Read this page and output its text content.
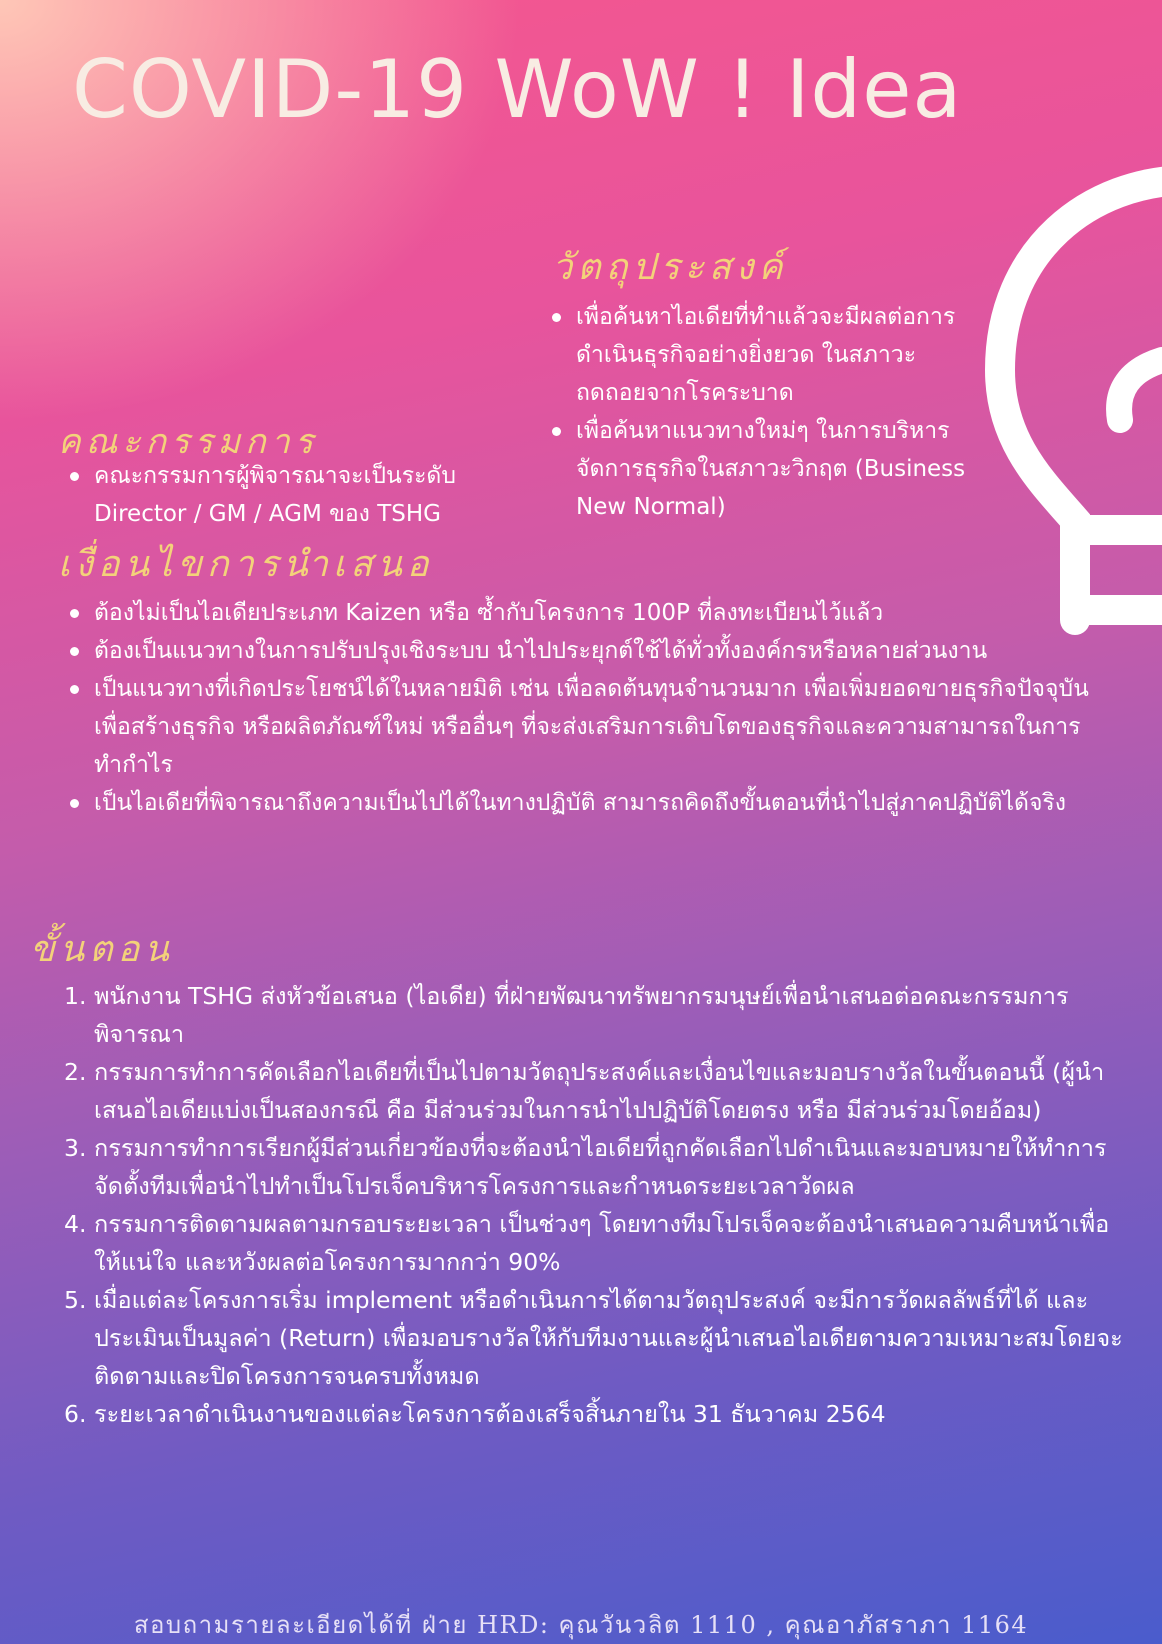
COVID-19 WoW ! Idea
วัตถุประสงค์
เพื่อค้นหาไอเดียที่ทำแล้วจะมีผลต่อการดำเนินธุรกิจอย่างยิ่งยวด ในสภาวะถดถอยจากโรคระบาด
เพื่อค้นหาแนวทางใหม่ๆ ในการบริหารจัดการธุรกิจในสภาวะวิกฤต (Business New Normal)
คณะกรรมการ
คณะกรรมการผู้พิจารณาจะเป็นระดับ Director / GM / AGM ของ TSHG
เงื่อนไขการนำเสนอ
ต้องไม่เป็นไอเดียประเภท Kaizen หรือ ซ้ำกับโครงการ 100P ที่ลงทะเบียนไว้แล้ว
ต้องเป็นแนวทางในการปรับปรุงเชิงระบบ นำไปประยุกต์ใช้ได้ทั่วทั้งองค์กรหรือหลายส่วนงาน
เป็นแนวทางที่เกิดประโยชน์ได้ในหลายมิติ เช่น เพื่อลดต้นทุนจำนวนมาก เพื่อเพิ่มยอดขายธุรกิจปัจจุบันเพื่อสร้างธุรกิจ หรือผลิตภัณฑ์ใหม่ หรืออื่นๆ ที่จะส่งเสริมการเติบโตของธุรกิจและความสามารถในการทำกำไร
เป็นไอเดียที่พิจารณาถึงความเป็นไปได้ในทางปฏิบัติ สามารถคิดถึงขั้นตอนที่นำไปสู่ภาคปฏิบัติได้จริง
ขั้นตอน
1. พนักงาน TSHG ส่งหัวข้อเสนอ (ไอเดีย) ที่ฝ่ายพัฒนาทรัพยากรมนุษย์เพื่อนำเสนอต่อคณะกรรมการพิจารณา
2. กรรมการทำการคัดเลือกไอเดียที่เป็นไปตามวัตถุประสงค์และเงื่อนไขและมอบรางวัลในขั้นตอนนี้ (ผู้นำเสนอไอเดียแบ่งเป็นสองกรณี คือ มีส่วนร่วมในการนำไปปฏิบัติโดยตรง หรือ มีส่วนร่วมโดยอ้อม)
3. กรรมการทำการเรียกผู้มีส่วนเกี่ยวข้องที่จะต้องนำไอเดียที่ถูกคัดเลือกไปดำเนินและมอบหมายให้ทำการจัดตั้งทีมเพื่อนำไปทำเป็นโปรเจ็คบริหารโครงการและกำหนดระยะเวลาวัดผล
4. กรรมการติดตามผลตามกรอบระยะเวลา เป็นช่วงๆ โดยทางทีมโปรเจ็คจะต้องนำเสนอความคืบหน้าเพื่อให้แน่ใจ และหวังผลต่อโครงการมากกว่า 90%
5. เมื่อแต่ละโครงการเริ่ม implement หรือดำเนินการได้ตามวัตถุประสงค์ จะมีการวัดผลลัพธ์ที่ได้ และประเมินเป็นมูลค่า (Return) เพื่อมอบรางวัลให้กับทีมงานและผู้นำเสนอไอเดียตามความเหมาะสมโดยจะติดตามและปิดโครงการจนครบทั้งหมด
6. ระยะเวลาดำเนินงานของแต่ละโครงการต้องเสร็จสิ้นภายใน 31 ธันวาคม 2564
สอบถามรายละเอียดได้ที่ ฝ่าย HRD: คุณวันวลิต 1110 , คุณอาภัสราภา 1164
